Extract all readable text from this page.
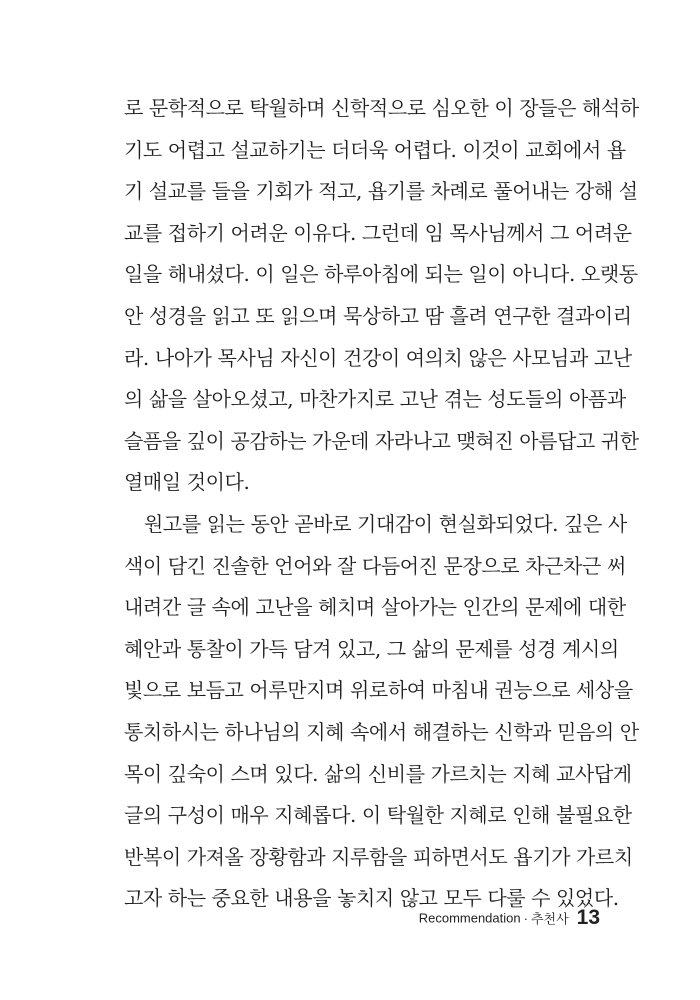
로 문학적으로 탁월하며 신학적으로 심오한 이 장들은 해석하
기도 어렵고 설교하기는 더더욱 어렵다. 이것이 교회에서 욥
기 설교를 들을 기회가 적고, 욥기를 차례로 풀어내는 강해 설
교를 접하기 어려운 이유다. 그런데 임 목사님께서 그 어려운
일을 해내셨다. 이 일은 하루아침에 되는 일이 아니다. 오랫동
안 성경을 읽고 또 읽으며 묵상하고 땀 흘려 연구한 결과이리
라. 나아가 목사님 자신이 건강이 여의치 않은 사모님과 고난
의 삶을 살아오셨고, 마찬가지로 고난 겪는 성도들의 아픔과
슬픔을 깊이 공감하는 가운데 자라나고 맺혀진 아름답고 귀한
열매일 것이다.
원고를 읽는 동안 곧바로 기대감이 현실화되었다. 깊은 사
색이 담긴 진솔한 언어와 잘 다듬어진 문장으로 차근차근 써
내려간 글 속에 고난을 헤치며 살아가는 인간의 문제에 대한
혜안과 통찰이 가득 담겨 있고, 그 삶의 문제를 성경 계시의
빛으로 보듬고 어루만지며 위로하여 마침내 권능으로 세상을
통치하시는 하나님의 지혜 속에서 해결하는 신학과 믿음의 안
목이 깊숙이 스며 있다. 삶의 신비를 가르치는 지혜 교사답게
글의 구성이 매우 지혜롭다. 이 탁월한 지혜로 인해 불필요한
반복이 가져올 장황함과 지루함을 피하면서도 욥기가 가르치
고자 하는 중요한 내용을 놓치지 않고 모두 다룰 수 있었다.
Recommendation · 추천사 13
